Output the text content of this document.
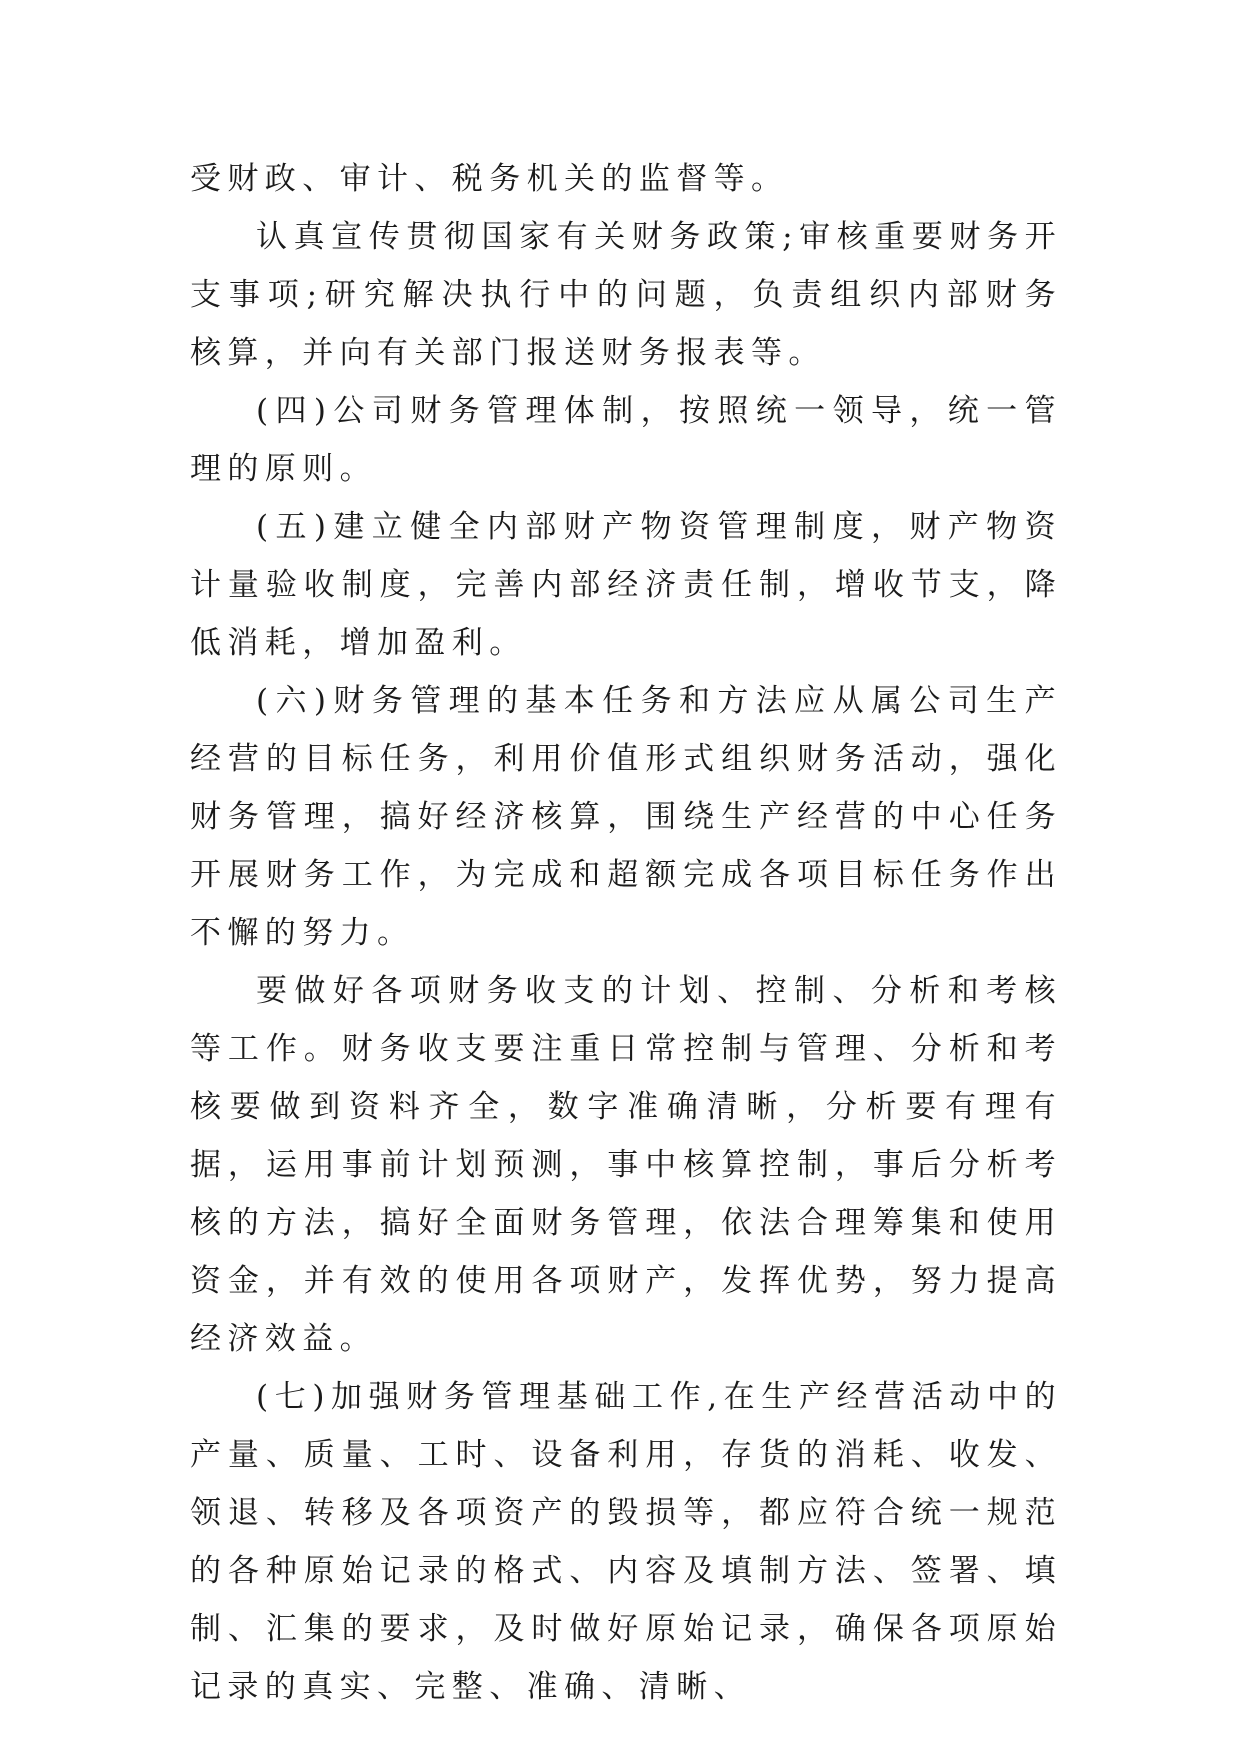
受财政、审计、税务机关的监督等。

认真宣传贯彻国家有关财务政策;审核重要财务开支事项;研究解决执行中的问题，负责组织内部财务核算，并向有关部门报送财务报表等。

(四)公司财务管理体制，按照统一领导，统一管理的原则。

(五)建立健全内部财产物资管理制度，财产物资计量验收制度，完善内部经济责任制，增收节支，降低消耗，增加盈利。

(六)财务管理的基本任务和方法应从属公司生产经营的目标任务，利用价值形式组织财务活动，强化财务管理，搞好经济核算，围绕生产经营的中心任务开展财务工作，为完成和超额完成各项目标任务作出不懈的努力。

要做好各项财务收支的计划、控制、分析和考核等工作。财务收支要注重日常控制与管理、分析和考核要做到资料齐全，数字准确清晰，分析要有理有据，运用事前计划预测，事中核算控制，事后分析考核的方法，搞好全面财务管理，依法合理筹集和使用资金，并有效的使用各项财产，发挥优势，努力提高经济效益。

(七)加强财务管理基础工作,在生产经营活动中的产量、质量、工时、设备利用，存货的消耗、收发、领退、转移及各项资产的毁损等，都应符合统一规范的各种原始记录的格式、内容及填制方法、签署、填制、汇集的要求，及时做好原始记录，确保各项原始记录的真实、完整、准确、清晰、
